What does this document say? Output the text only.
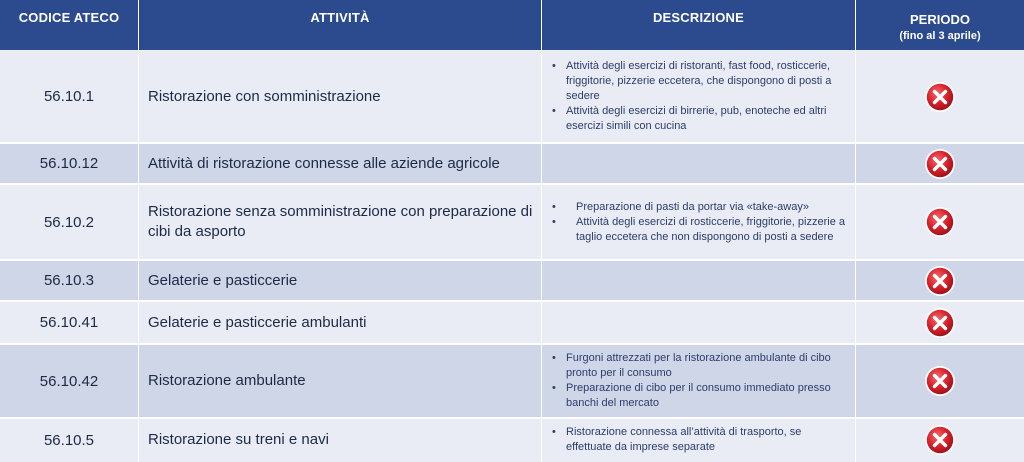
CODICE ATECO	ATTIVITÀ	DESCRIZIONE	PERIODO
(fino al 3 aprile)
56.10.1	Ristorazione con somministrazione
• Attività degli esercizi di ristoranti, fast food, rosticcerie, friggitorie, pizzerie eccetera, che dispongono di posti a sedere
• Attività degli esercizi di birrerie, pub, enoteche ed altri esercizi simili con cucina
56.10.12	Attività di ristorazione connesse alle aziende agricole
56.10.2
Ristorazione senza somministrazione con preparazione di cibi da asporto
• Preparazione di pasti da portar via «take-away»
• Attività degli esercizi di rosticcerie, friggitorie, pizzerie a taglio eccetera che non dispongono di posti a sedere
56.10.3	Gelaterie e pasticcerie
56.10.41	Gelaterie e pasticcerie ambulanti
56.10.42	Ristorazione ambulante
• Furgoni attrezzati per la ristorazione ambulante di cibo pronto per il consumo
• Preparazione di cibo per il consumo immediato presso banchi del mercato
56.10.5	Ristorazione su treni e navi
•	Ristorazione connessa all’attività di trasporto, se effettuate da imprese separate
